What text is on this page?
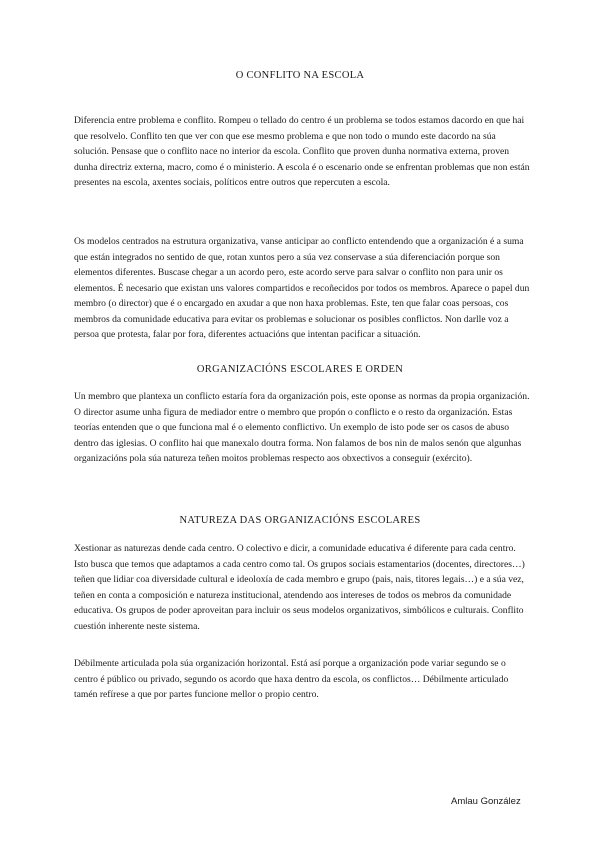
O CONFLITO NA ESCOLA

Diferencia entre problema e conflito. Rompeu o tellado do centro é un problema se todos estamos dacordo en que hai que resolvelo. Conflito ten que ver con que ese mesmo problema e que non todo o mundo este dacordo na súa solución. Pensase que o conflito nace no interior da escola. Conflito que proven dunha normativa externa, proven dunha directriz externa, macro, como é o ministerio. A escola é o escenario onde se enfrentan problemas que non están presentes na escola, axentes sociais, políticos entre outros que repercuten a escola.

Os modelos centrados na estrutura organizativa, vanse anticipar ao conflicto entendendo que a organización é a suma que están integrados no sentido de que, rotan xuntos pero a súa vez conservase a súa diferenciación porque son elementos diferentes. Buscase chegar a un acordo pero, este acordo serve para salvar o conflito non para unir os elementos. É necesario que existan uns valores compartidos e recoñecidos por todos os membros. Aparece o papel dun membro (o director) que é o encargado en axudar a que non haxa problemas. Este, ten que falar coas persoas, cos membros da comunidade educativa para evitar os problemas e solucionar os posibles conflictos. Non darlle voz a persoa que protesta, falar por fora, diferentes actuacións que intentan pacificar a situación.

ORGANIZACIÓNS ESCOLARES E ORDEN

Un membro que plantexa un conflicto estaría fora da organización pois, este oponse as normas da propia organización. O director asume unha figura de mediador entre o membro que propón o conflicto e o resto da organización. Estas teorías entenden que o que funciona mal é o elemento conflictivo. Un exemplo de isto pode ser os casos de abuso dentro das iglesias. O conflito hai que manexalo doutra forma. Non falamos de bos nin de malos senón que algunhas organizacións pola súa natureza teñen moitos problemas respecto aos obxectivos a conseguir (exército).

NATUREZA DAS ORGANIZACIÓNS ESCOLARES

Xestionar as naturezas dende cada centro. O colectivo e dicir, a comunidade educativa é diferente para cada centro. Isto busca que temos que adaptamos a cada centro como tal. Os grupos sociais estamentarios (docentes, directores…) teñen que lidiar coa diversidade cultural e ideoloxía de cada membro e grupo (pais, nais, titores legais…) e a súa vez, teñen en conta a composición e natureza institucional, atendendo aos intereses de todos os mebros da comunidade educativa. Os grupos de poder aproveitan para incluir os seus modelos organizativos, simbólicos e culturais. Conflito cuestión inherente neste sistema.

Débilmente articulada pola súa organización horizontal. Está así porque a organización pode variar segundo se o centro é público ou privado, segundo os acordo que haxa dentro da escola, os conflictos… Débilmente articulado tamén refírese a que por partes funcione mellor o propio centro.

Amlau González
